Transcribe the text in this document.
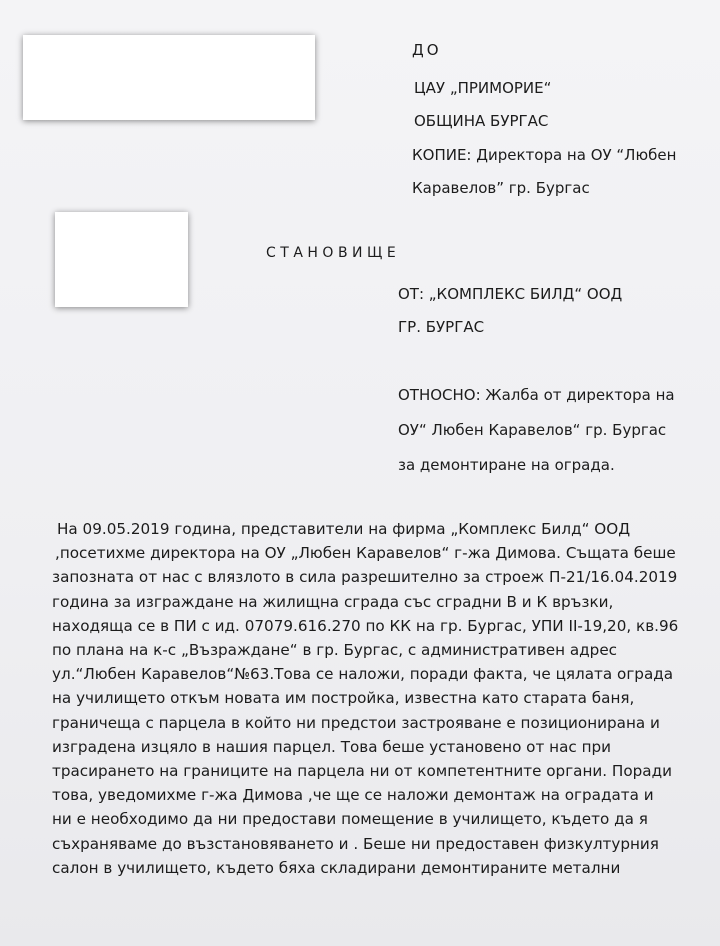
ДО
ЦАУ „ПРИМОРИЕ“
ОБЩИНА БУРГАС
КОПИЕ: Директора на ОУ “Любен
Каравелов” гр. Бургас
СТАНОВИЩЕ
ОТ: „КОМПЛЕКС БИЛД“ ООД
ГР. БУРГАС
ОТНОСНО: Жалба от директора на
ОУ“ Любен Каравелов“ гр. Бургас
за демонтиране на ограда.
На 09.05.2019 година, представители на фирма „Комплекс Билд“ ООД
,посетихме директора на ОУ „Любен Каравелов“ г-жа Димова. Същата беше
запозната от нас с влязлото в сила разрешително за строеж П-21/16.04.2019
година за изграждане на жилищна сграда със сградни В и К връзки,
находяща се в ПИ с ид. 07079.616.270 по КК на гр. Бургас, УПИ II-19,20, кв.96
по плана на к-с „Възраждане“ в гр. Бургас, с административен адрес
ул.“Любен Каравелов“№63.Това се наложи, поради факта, че цялата ограда
на училището откъм новата им постройка, известна като старата баня,
граничеща с парцела в който ни предстои застрояване е позиционирана и
изградена изцяло в нашия парцел. Това беше установено от нас при
трасирането на границите на парцела ни от компетентните органи. Поради
това, уведомихме г-жа Димова ,че ще се наложи демонтаж на оградата и
ни е необходимо да ни предостави помещение в училището, където да я
съхраняваме до възстановяването и . Беше ни предоставен физкултурния
салон в училището, където бяха складирани демонтираните метални
